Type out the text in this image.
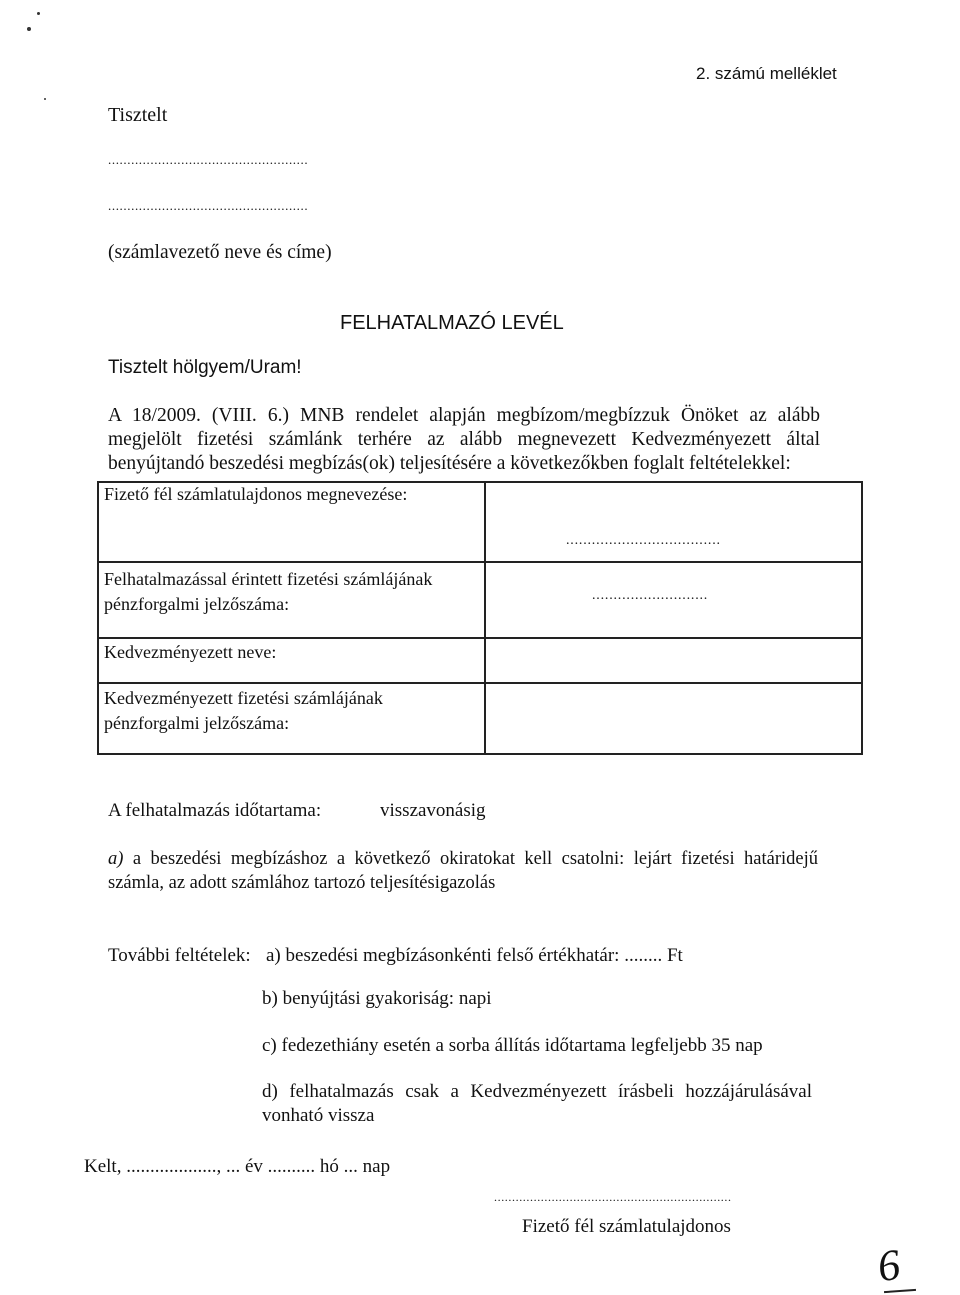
2. számú melléklet
Tisztelt
....................................................
....................................................
(számlavezető neve és címe)
FELHATALMAZÓ LEVÉL
Tisztelt hölgyem/Uram!
A 18/2009. (VIII. 6.) MNB rendelet alapján megbízom/megbízzuk Önöket az alább
megjelölt fizetési számlánk terhére az alább megnevezett Kedvezményezett által
benyújtandó beszedési megbízás(ok) teljesítésére a következőkben foglalt feltételekkel:
Fizető fél számlatulajdonos megnevezése:
....................................
Felhatalmazással érintett fizetési számlájának pénzforgalmi jelzőszáma:	...........................
Kedvezményezett neve:
Kedvezményezett fizetési számlájának pénzforgalmi jelzőszáma:
A felhatalmazás időtartama:	visszavonásig
a) a beszedési megbízáshoz a következő okiratokat kell csatolni: lejárt fizetési határidejű
számla, az adott számlához tartozó teljesítésigazolás
További feltételek: a) beszedési megbízásonkénti felső értékhatár: ........ Ft
b) benyújtási gyakoriság: napi
c) fedezethiány esetén a sorba állítás időtartama legfeljebb 35 nap
d) felhatalmazás csak a Kedvezményezett írásbeli hozzájárulásával
vonható vissza
Kelt, ..................., ... év .......... hó ... nap
..................................................................
Fizető fél számlatulajdonos
6
